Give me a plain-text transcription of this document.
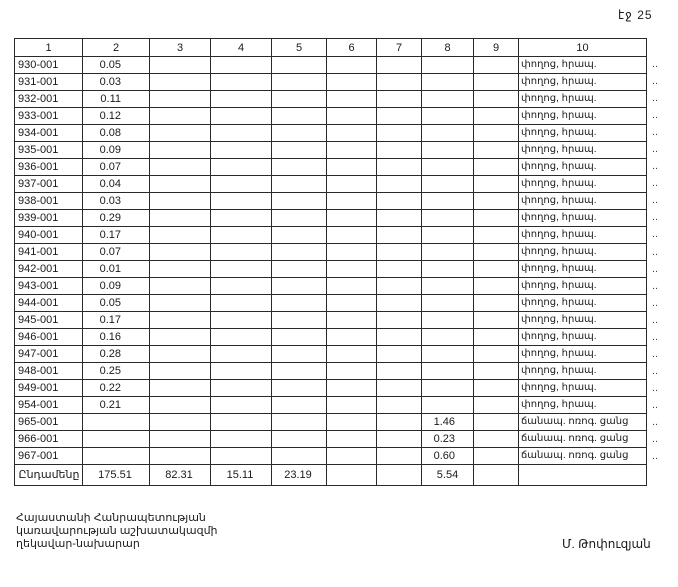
էջ 25
1	2	3	4	5	6	7	8	9	10
930-001	0.05								փողոց, հրապ.
931-001	0.03								փողոց, հրապ.
932-001	0.11								փողոց, հրապ.
933-001	0.12								փողոց, հրապ.
934-001	0.08								փողոց, հրապ.
935-001	0.09								փողոց, հրապ.
936-001	0.07								փողոց, հրապ.
937-001	0.04								փողոց, հրապ.
938-001	0.03								փողոց, հրապ.
939-001	0.29								փողոց, հրապ.
940-001	0.17								փողոց, հրապ.
941-001	0.07								փողոց, հրապ.
942-001	0.01								փողոց, հրապ.
943-001	0.09								փողոց, հրապ.
944-001	0.05								փողոց, հրապ.
945-001	0.17								փողոց, հրապ.
946-001	0.16								փողոց, հրապ.
947-001	0.28								փողոց, հրապ.
948-001	0.25								փողոց, հրապ.
949-001	0.22								փողոց, հրապ.
954-001	0.21								փողոց, հրապ.
965-001							1.46		ճանապ. ոռոգ. ցանց
966-001							0.23		ճանապ. ոռոգ. ցանց
967-001							0.60		ճանապ. ոռոգ. ցանց
Ընդամենը	175.51	82.31	15.11	23.19			5.54		
․․
․․
․․
․․
․․
․․
․․
․․
․․
․․
․․
․․
․․
․․
․․
․․
․․
․․
․․
․․
․․
․․
․․
․․
Հայաստանի Հանրապետության
կառավարության աշխատակազմի
ղեկավար-նախարար	Մ. Թոփուզյան
